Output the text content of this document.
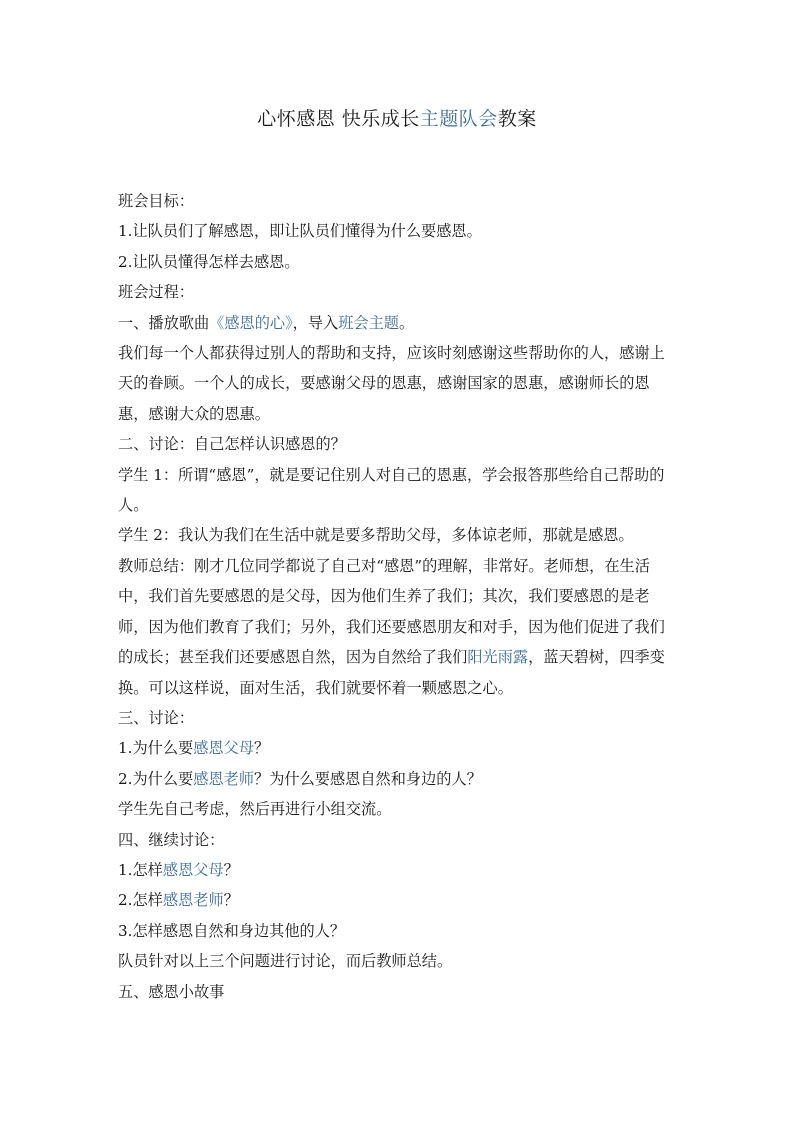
心怀感恩 快乐成长主题队会教案

班会目标：

1.让队员们了解感恩，即让队员们懂得为什么要感恩。

2.让队员懂得怎样去感恩。

班会过程：

一、播放歌曲《感恩的心》，导入班会主题。

我们每一个人都获得过别人的帮助和支持，应该时刻感谢这些帮助你的人，感谢上天的眷顾。一个人的成长，要感谢父母的恩惠，感谢国家的恩惠，感谢师长的恩惠，感谢大众的恩惠。

二、讨论：自己怎样认识感恩的？

学生 1：所谓“感恩”，就是要记住别人对自己的恩惠，学会报答那些给自己帮助的人。

学生 2：我认为我们在生活中就是要多帮助父母，多体谅老师，那就是感恩。

教师总结：刚才几位同学都说了自己对“感恩”的理解，非常好。老师想，在生活中，我们首先要感恩的是父母，因为他们生养了我们；其次，我们要感恩的是老师，因为他们教育了我们；另外，我们还要感恩朋友和对手，因为他们促进了我们的成长；甚至我们还要感恩自然，因为自然给了我们阳光雨露，蓝天碧树，四季变换。可以这样说，面对生活，我们就要怀着一颗感恩之心。

三、讨论：

1.为什么要感恩父母？

2.为什么要感恩老师？为什么要感恩自然和身边的人？

学生先自己考虑，然后再进行小组交流。

四、继续讨论：

1.怎样感恩父母？

2.怎样感恩老师？

3.怎样感恩自然和身边其他的人？

队员针对以上三个问题进行讨论，而后教师总结。

五、感恩小故事
